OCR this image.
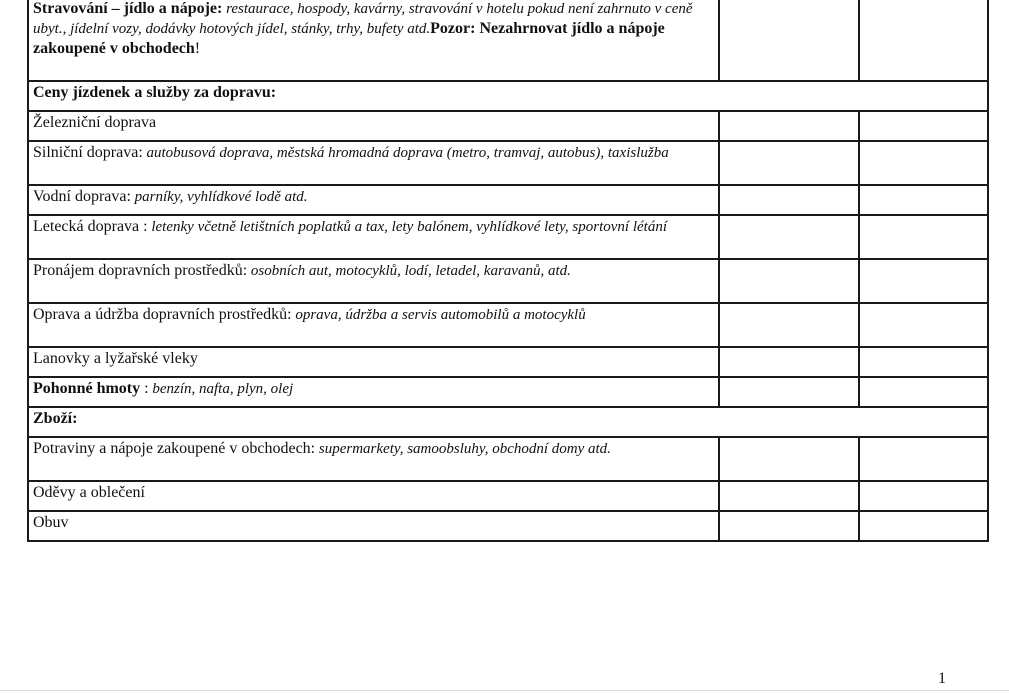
Stravování – jídlo a nápoje: restaurace, hospody, kavárny, stravování v hotelu pokud není zahrnuto v ceně ubyt., jídelní vozy, dodávky hotových jídel, stánky, trhy, bufety atd.Pozor: Nezahrnovat jídlo a nápoje zakoupené v obchodech!		
Ceny jízdenek a služby za dopravu:		
Železniční doprava		
Silniční doprava: autobusová doprava, městská hromadná doprava (metro, tramvaj, autobus), taxislužba		
Vodní doprava: parníky, vyhlídkové lodě atd.		
Letecká doprava : letenky včetně letištních poplatků a tax, lety balónem, vyhlídkové lety, sportovní létání		
Pronájem dopravních prostředků: osobních aut, motocyklů, lodí, letadel, karavanů, atd.		
Oprava a údržba dopravních prostředků: oprava, údržba a servis automobilů a motocyklů		
Lanovky a lyžařské vleky		
Pohonné hmoty : benzín, nafta, plyn, olej		
Zboží:		
Potraviny a nápoje zakoupené v obchodech: supermarkety, samoobsluhy, obchodní domy atd.		
Oděvy a oblečení		
Obuv		
1
